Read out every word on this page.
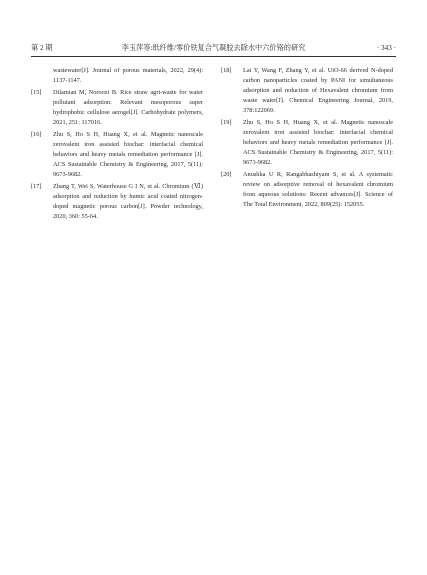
第 2 期	李玉萍等:纸纤维/零价铁复合气凝胶去除水中六价铬的研究	· 343 ·

wastewater[J]. Journal of porous materials, 2022, 29(4): 1137-1147.

[15] Dilamian M, Noroozi B. Rice straw agri-waste for water pollutant adsorption: Relevant mesoporous super hydrophobic cellulose aerogel[J]. Carbohydrate polymers, 2021, 251: 117016.

[16] Zhu S, Ho S H, Huang X, et al. Magnetic nanoscale zerovalent iron assisted biochar: interfacial chemical behaviors and heavy metals remediation performance [J]. ACS Sustainable Chemistry & Engineering, 2017, 5(11): 9673-9682.

[17] Zhang T, Wei S, Waterhouse G I N, et al. Chromium (Ⅵ) adsorption and reduction by humic acid coated nitrogen-doped magnetic porous carbon[J]. Powder technology, 2020, 360: 55-64.

[18] Lai Y, Wang F, Zhang Y, et al. UiO-66 derived N-doped carbon nanoparticles coated by PANI for simultaneous adsorption and reduction of Hexavalent chromium from waste water[J]. Chemical Engineering Journal, 2019, 378:122069.

[19] Zhu S, Ho S H, Huang X, et al. Magnetic nanoscale zerovalent iron assisted biochar: interfacial chemical behaviors and heavy metals remediation performance [J]. ACS Sustainable Chemistry & Engineering, 2017, 5(11): 9673-9682.

[20] Anushka U R, Rangabhashiyam S, et al. A systematic review on adsorptive removal of hexavalent chromium from aqueous solutions: Recent advances[J]. Science of The Total Environment, 2022, 809(25): 152055.
